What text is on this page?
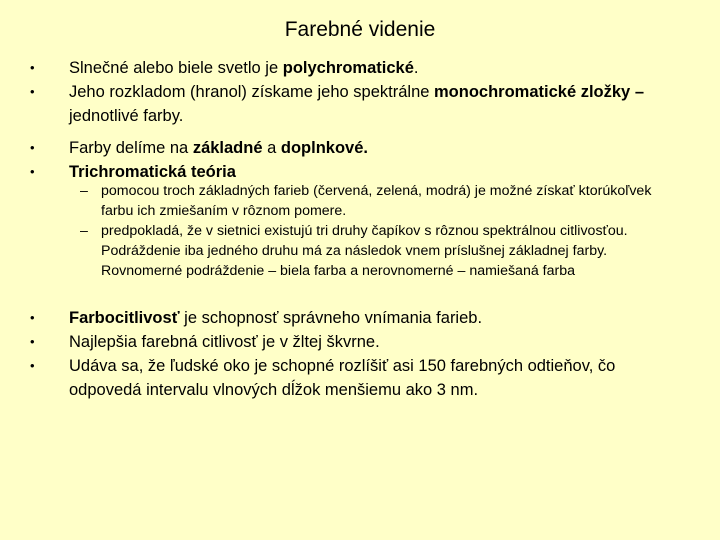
Farebné videnie
• Slnečné alebo biele svetlo je polychromatické.
• Jeho rozkladom (hranol) získame jeho spektrálne monochromatické zložky – jednotlivé farby.
• Farby delíme na základné a doplnkové.
• Trichromatická teória
– pomocou troch základných farieb (červená, zelená, modrá) je možné získať ktorúkoľvek farbu ich zmiešaním v rôznom pomere.
– predpokladá, že v sietnici existujú tri druhy čapíkov s rôznou spektrálnou citlivosťou. Podráždenie iba jedného druhu má za následok vnem príslušnej základnej farby. Rovnomerné podráždenie – biela farba a nerovnomerné – namiešaná farba
• Farbocitlivosť je schopnosť správneho vnímania farieb.
• Najlepšia farebná citlivosť je v žltej škvrne.
• Udáva sa, že ľudské oko je schopné rozlíšiť asi 150 farebných odtieňov, čo odpovedá intervalu vlnových dĺžok menšiemu ako 3 nm.
